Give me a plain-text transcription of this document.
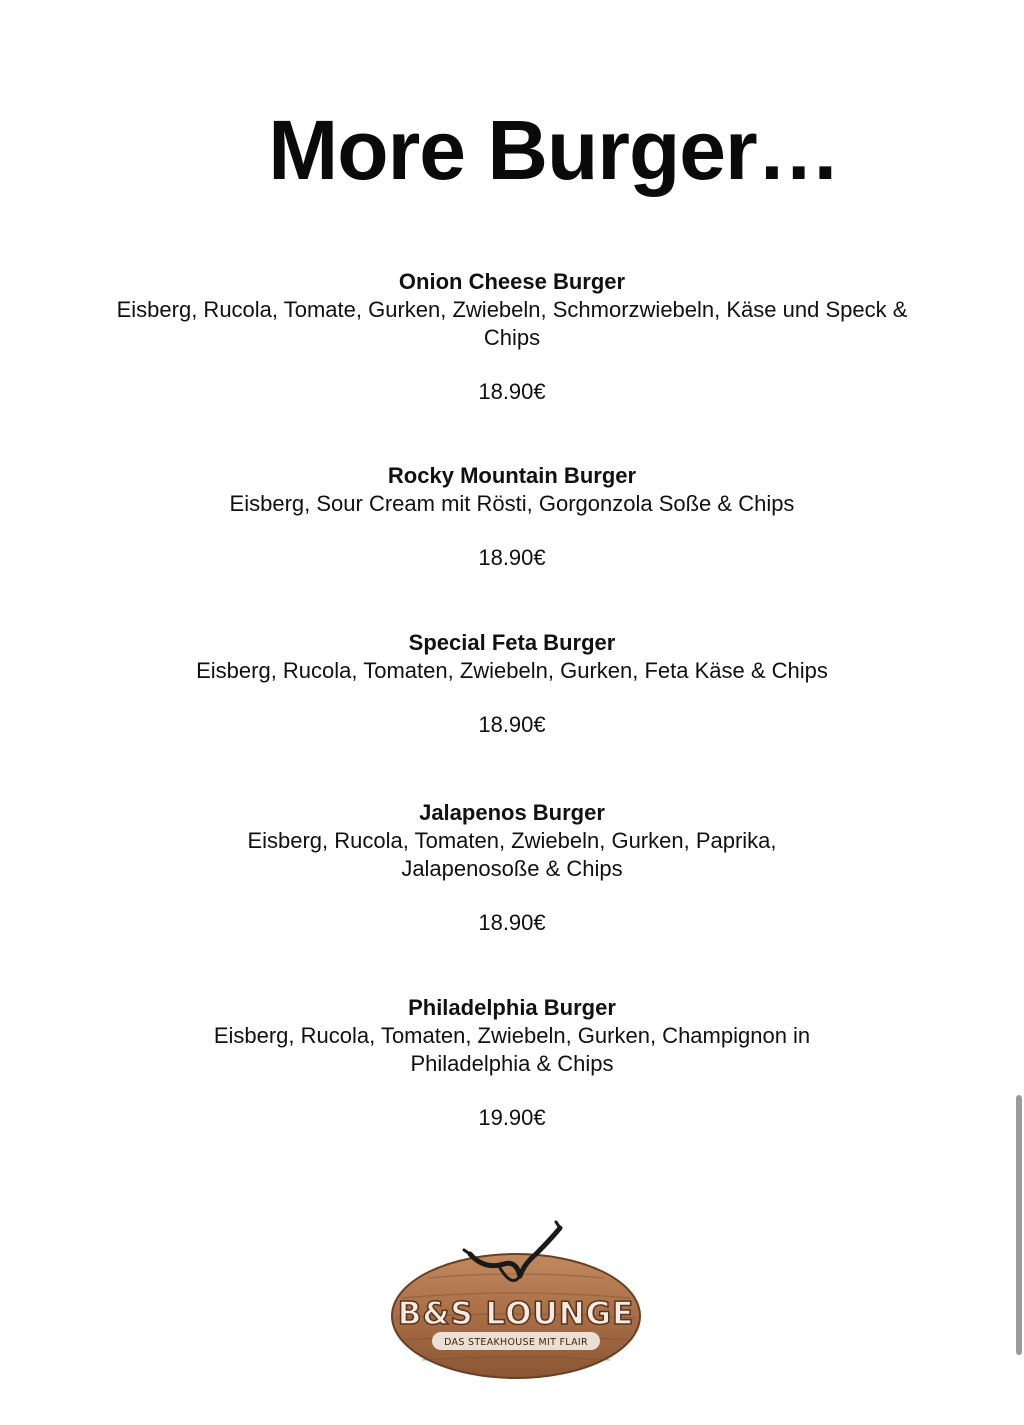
More Burger…
Onion Cheese Burger
Eisberg, Rucola, Tomate, Gurken, Zwiebeln, Schmorzwiebeln, Käse und Speck & Chips
18.90€
Rocky Mountain Burger
Eisberg, Sour Cream mit Rösti, Gorgonzola Soße & Chips
18.90€
Special Feta Burger
Eisberg, Rucola, Tomaten, Zwiebeln, Gurken, Feta Käse & Chips
18.90€
Jalapenos Burger
Eisberg, Rucola, Tomaten, Zwiebeln, Gurken, Paprika, Jalapenosoße & Chips
18.90€
Philadelphia Burger
Eisberg, Rucola, Tomaten, Zwiebeln, Gurken, Champignon in Philadelphia & Chips
19.90€
B&S LOUNGE
DAS STEAKHOUSE MIT FLAIR
